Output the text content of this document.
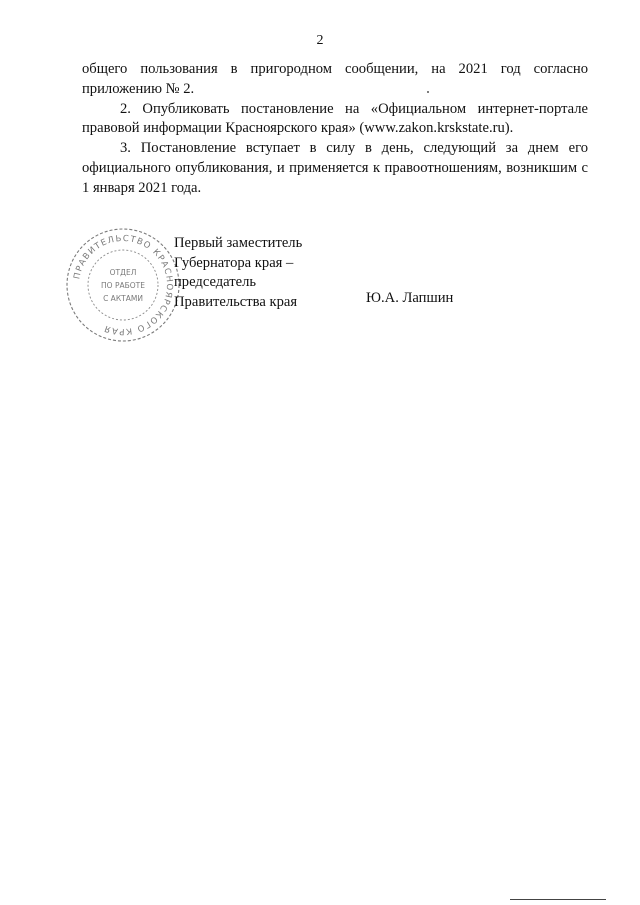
2

общего пользования в пригородном сообщении, на 2021 год согласно приложению № 2.

2. Опубликовать постановление на «Официальном интернет-портале правовой информации Красноярского края» (www.zakon.krskstate.ru).

3. Постановление вступает в силу в день, следующий за днем его официального опубликования, и применяется к правоотношениям, возникшим с 1 января 2021 года.

ПРАВИТЕЛЬСТВО КРАСНОЯРСКОГО КРАЯ
ОТДЕЛ
ПО РАБОТЕ
С АКТАМИ
Первый заместитель
Губернатора края –
председатель
Правительства края	Ю.А. Лапшин
